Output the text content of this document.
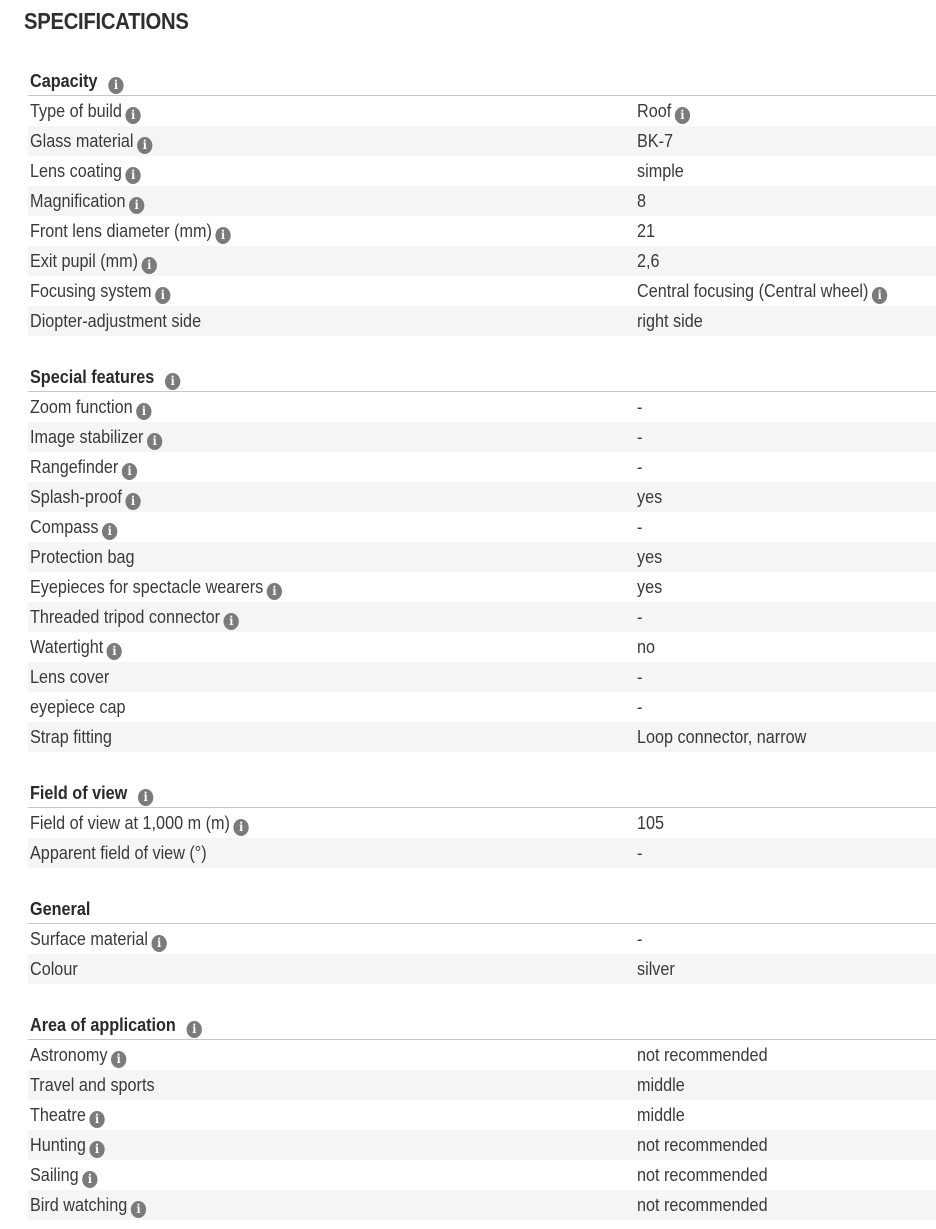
SPECIFICATIONS
Capacity i
Type of build i	Roof i
Glass material i	BK-7
Lens coating i	simple
Magnification i	8
Front lens diameter (mm) i	21
Exit pupil (mm) i	2,6
Focusing system i	Central focusing (Central wheel) i
Diopter-adjustment side	right side
Special features i
Zoom function i	-
Image stabilizer i	-
Rangefinder i	-
Splash-proof i	yes
Compass i	-
Protection bag	yes
Eyepieces for spectacle wearers i	yes
Threaded tripod connector i	-
Watertight i	no
Lens cover	-
eyepiece cap	-
Strap fitting	Loop connector, narrow
Field of view i
Field of view at 1,000 m (m) i	105
Apparent field of view (°)	-
General
Surface material i	-
Colour	silver
Area of application i
Astronomy i	not recommended
Travel and sports	middle
Theatre i	middle
Hunting i	not recommended
Sailing i	not recommended
Bird watching i	not recommended
